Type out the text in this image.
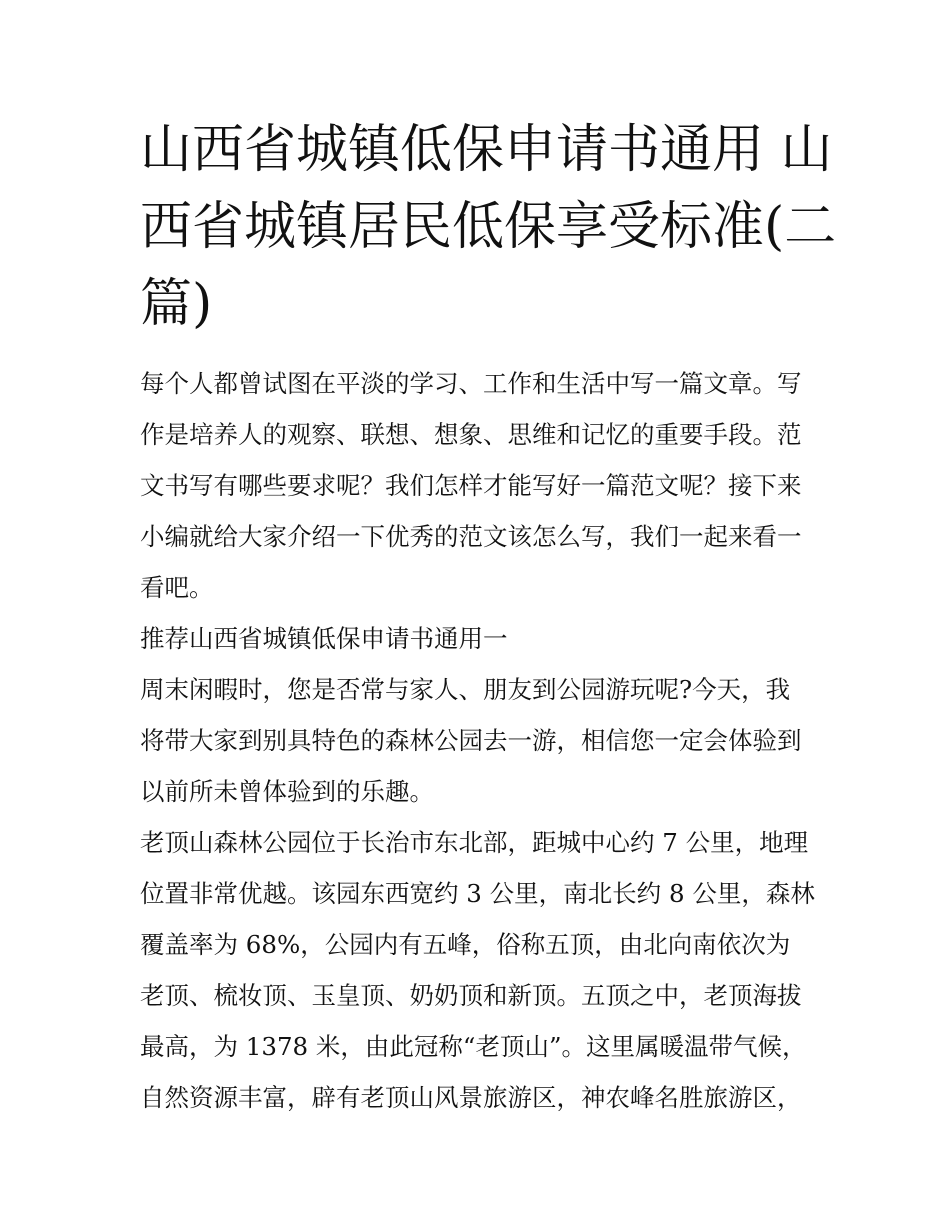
山西省城镇低保申请书通用 山
西省城镇居民低保享受标准(二
篇)

每个人都曾试图在平淡的学习、工作和生活中写一篇文章。写
作是培养人的观察、联想、想象、思维和记忆的重要手段。范
文书写有哪些要求呢？我们怎样才能写好一篇范文呢？接下来
小编就给大家介绍一下优秀的范文该怎么写，我们一起来看一
看吧。

推荐山西省城镇低保申请书通用一

周末闲暇时，您是否常与家人、朋友到公园游玩呢?今天，我
将带大家到别具特色的森林公园去一游，相信您一定会体验到
以前所未曾体验到的乐趣。

老顶山森林公园位于长治市东北部，距城中心约 7 公里，地理
位置非常优越。该园东西宽约 3 公里，南北长约 8 公里，森林
覆盖率为 68%，公园内有五峰，俗称五顶，由北向南依次为
老顶、梳妆顶、玉皇顶、奶奶顶和新顶。五顶之中，老顶海拔
最高，为 1378 米，由此冠称“老顶山”。这里属暖温带气候，
自然资源丰富，辟有老顶山风景旅游区，神农峰名胜旅游区，
